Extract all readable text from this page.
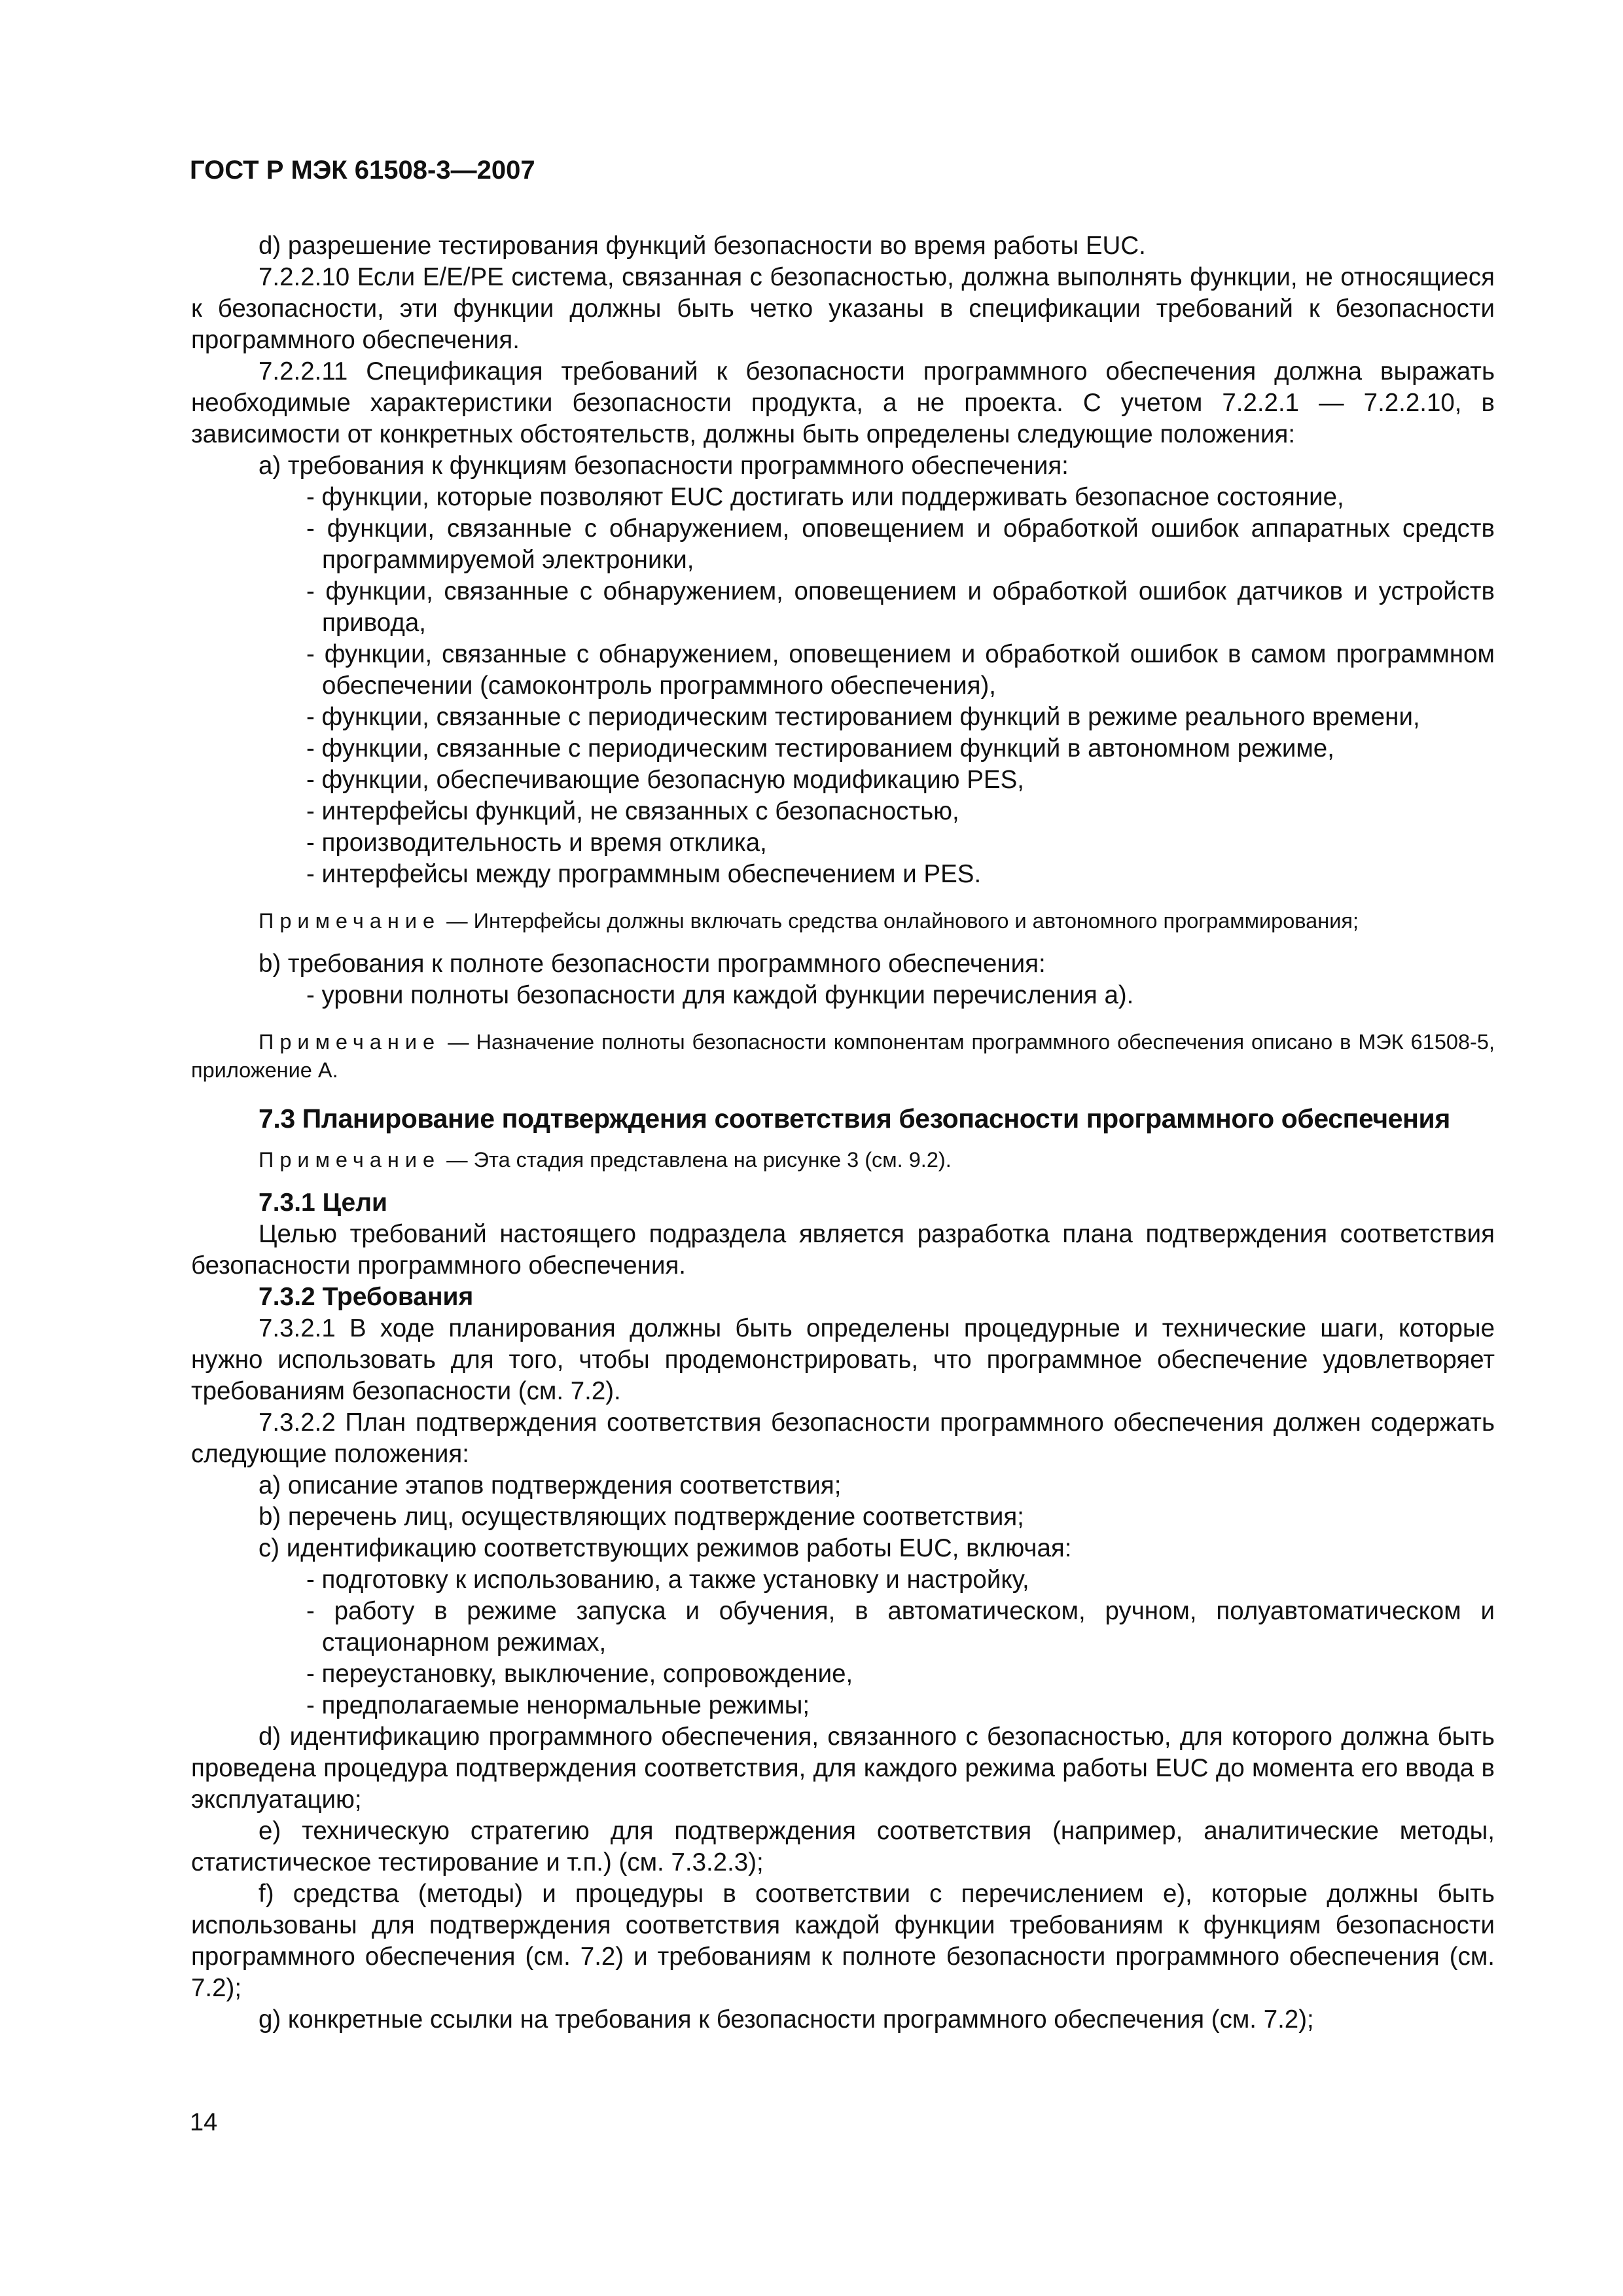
ГОСТ Р МЭК 61508-3—2007

d) разрешение тестирования функций безопасности во время работы EUC.

7.2.2.10 Если E/E/PE система, связанная с безопасностью, должна выполнять функции, не относящиеся к безопасности, эти функции должны быть четко указаны в спецификации требований к безопасности программного обеспечения.

7.2.2.11 Спецификация требований к безопасности программного обеспечения должна выражать необходимые характеристики безопасности продукта, а не проекта. С учетом 7.2.2.1 — 7.2.2.10, в зависимости от конкретных обстоятельств, должны быть определены следующие положения:

а) требования к функциям безопасности программного обеспечения:

- функции, которые позволяют EUC достигать или поддерживать безопасное состояние,

- функции, связанные с обнаружением, оповещением и обработкой ошибок аппаратных средств программируемой электроники,

- функции, связанные с обнаружением, оповещением и обработкой ошибок датчиков и устройств привода,

- функции, связанные с обнаружением, оповещением и обработкой ошибок в самом программном обеспечении (самоконтроль программного обеспечения),

- функции, связанные с периодическим тестированием функций в режиме реального времени,

- функции, связанные с периодическим тестированием функций в автономном режиме,

- функции, обеспечивающие безопасную модификацию PES,

- интерфейсы функций, не связанных с безопасностью,

- производительность и время отклика,

- интерфейсы между программным обеспечением и PES.

Примечание — Интерфейсы должны включать средства онлайнового и автономного программирования;

b) требования к полноте безопасности программного обеспечения:

- уровни полноты безопасности для каждой функции перечисления а).

Примечание — Назначение полноты безопасности компонентам программного обеспечения описано в МЭК 61508-5, приложение А.

7.3 Планирование подтверждения соответствия безопасности программного обеспечения

Примечание — Эта стадия представлена на рисунке 3 (см. 9.2).

7.3.1 Цели

Целью требований настоящего подраздела является разработка плана подтверждения соответствия безопасности программного обеспечения.

7.3.2 Требования

7.3.2.1 В ходе планирования должны быть определены процедурные и технические шаги, которые нужно использовать для того, чтобы продемонстрировать, что программное обеспечение удовлетворяет требованиям безопасности (см. 7.2).

7.3.2.2 План подтверждения соответствия безопасности программного обеспечения должен содержать следующие положения:

а) описание этапов подтверждения соответствия;

b) перечень лиц, осуществляющих подтверждение соответствия;

с) идентификацию соответствующих режимов работы EUC, включая:

- подготовку к использованию, а также установку и настройку,

- работу в режиме запуска и обучения, в автоматическом, ручном, полуавтоматическом и стационарном режимах,

- переустановку, выключение, сопровождение,

- предполагаемые ненормальные режимы;

d) идентификацию программного обеспечения, связанного с безопасностью, для которого должна быть проведена процедура подтверждения соответствия, для каждого режима работы EUC до момента его ввода в эксплуатацию;

е) техническую стратегию для подтверждения соответствия (например, аналитические методы, статистическое тестирование и т.п.) (см. 7.3.2.3);

f) средства (методы) и процедуры в соответствии с перечислением е), которые должны быть использованы для подтверждения соответствия каждой функции требованиям к функциям безопасности программного обеспечения (см. 7.2) и требованиям к полноте безопасности программного обеспечения (см. 7.2);

g) конкретные ссылки на требования к безопасности программного обеспечения (см. 7.2);

14
